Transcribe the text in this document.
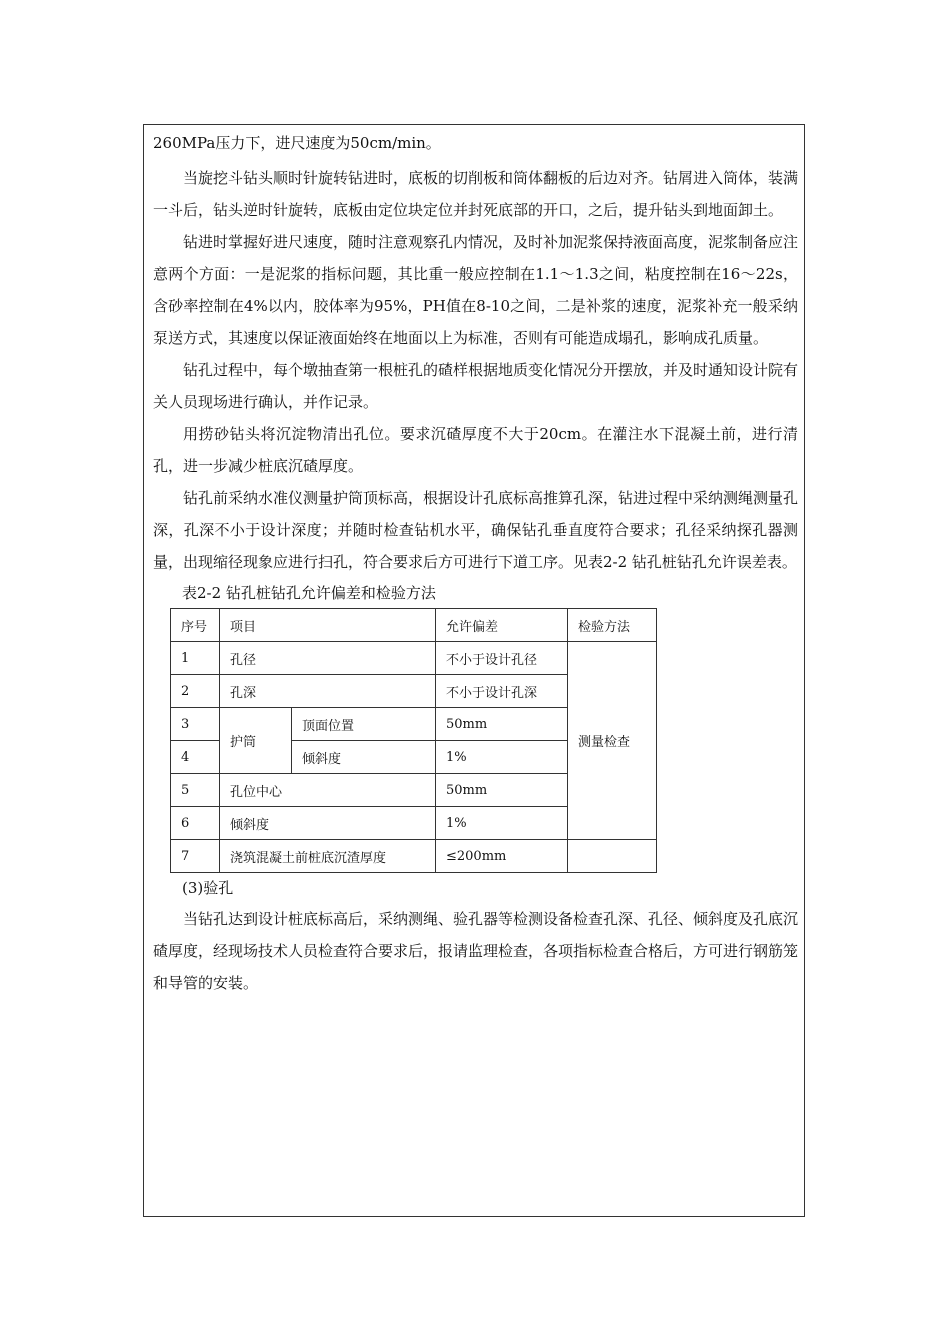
260MPa压力下，进尺速度为50cm/min。

当旋挖斗钻头顺时针旋转钻进时，底板的切削板和筒体翻板的后边对齐。钻屑进入筒体，装满一斗后，钻头逆时针旋转，底板由定位块定位并封死底部的开口，之后，提升钻头到地面卸土。

钻进时掌握好进尺速度，随时注意观察孔内情况，及时补加泥浆保持液面高度，泥浆制备应注意两个方面：一是泥浆的指标问题，其比重一般应控制在1.1～1.3之间，粘度控制在16～22s，含砂率控制在4%以内，胶体率为95%，PH值在8-10之间，二是补浆的速度，泥浆补充一般采纳泵送方式，其速度以保证液面始终在地面以上为标准，否则有可能造成塌孔，影响成孔质量。

钻孔过程中，每个墩抽查第一根桩孔的碴样根据地质变化情况分开摆放，并及时通知设计院有关人员现场进行确认，并作记录。

用捞砂钻头将沉淀物清出孔位。要求沉碴厚度不大于20cm。在灌注水下混凝土前，进行清孔，进一步减少桩底沉碴厚度。

钻孔前采纳水准仪测量护筒顶标高，根据设计孔底标高推算孔深，钻进过程中采纳测绳测量孔深，孔深不小于设计深度；并随时检查钻机水平，确保钻孔垂直度符合要求；孔径采纳探孔器测量，出现缩径现象应进行扫孔，符合要求后方可进行下道工序。见表2-2 钻孔桩钻孔允许误差表。

表2-2 钻孔桩钻孔允许偏差和检验方法
序号	项目		允许偏差	检验方法
1	孔径		不小于设计孔径	测量检查
2	孔深		不小于设计孔深	
3	护筒	顶面位置	50mm	
4		倾斜度	1%	
5	孔位中心		50mm	
6	倾斜度		1%	
7	浇筑混凝土前桩底沉渣厚度		≤200mm	
(3)验孔

当钻孔达到设计桩底标高后，采纳测绳、验孔器等检测设备检查孔深、孔径、倾斜度及孔底沉碴厚度，经现场技术人员检查符合要求后，报请监理检查，各项指标检查合格后，方可进行钢筋笼和导管的安装。
